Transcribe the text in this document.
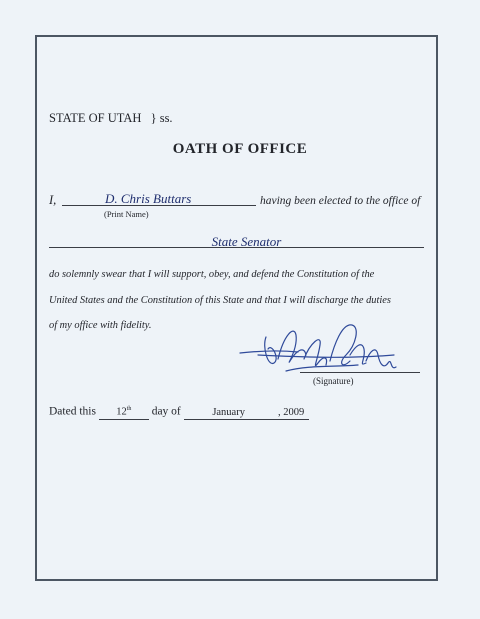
STATE OF UTAH } ss.
OATH OF OFFICE
I,	D. Chris Buttars
(Print Name)
having been elected to the office of
State Senator
do solemnly swear that I will support, obey, and defend the Constitution of the
United States and the Constitution of this State and that I will discharge the duties
of my office with fidelity.
(Signature)
Dated this 12th day of	January	, 2009
